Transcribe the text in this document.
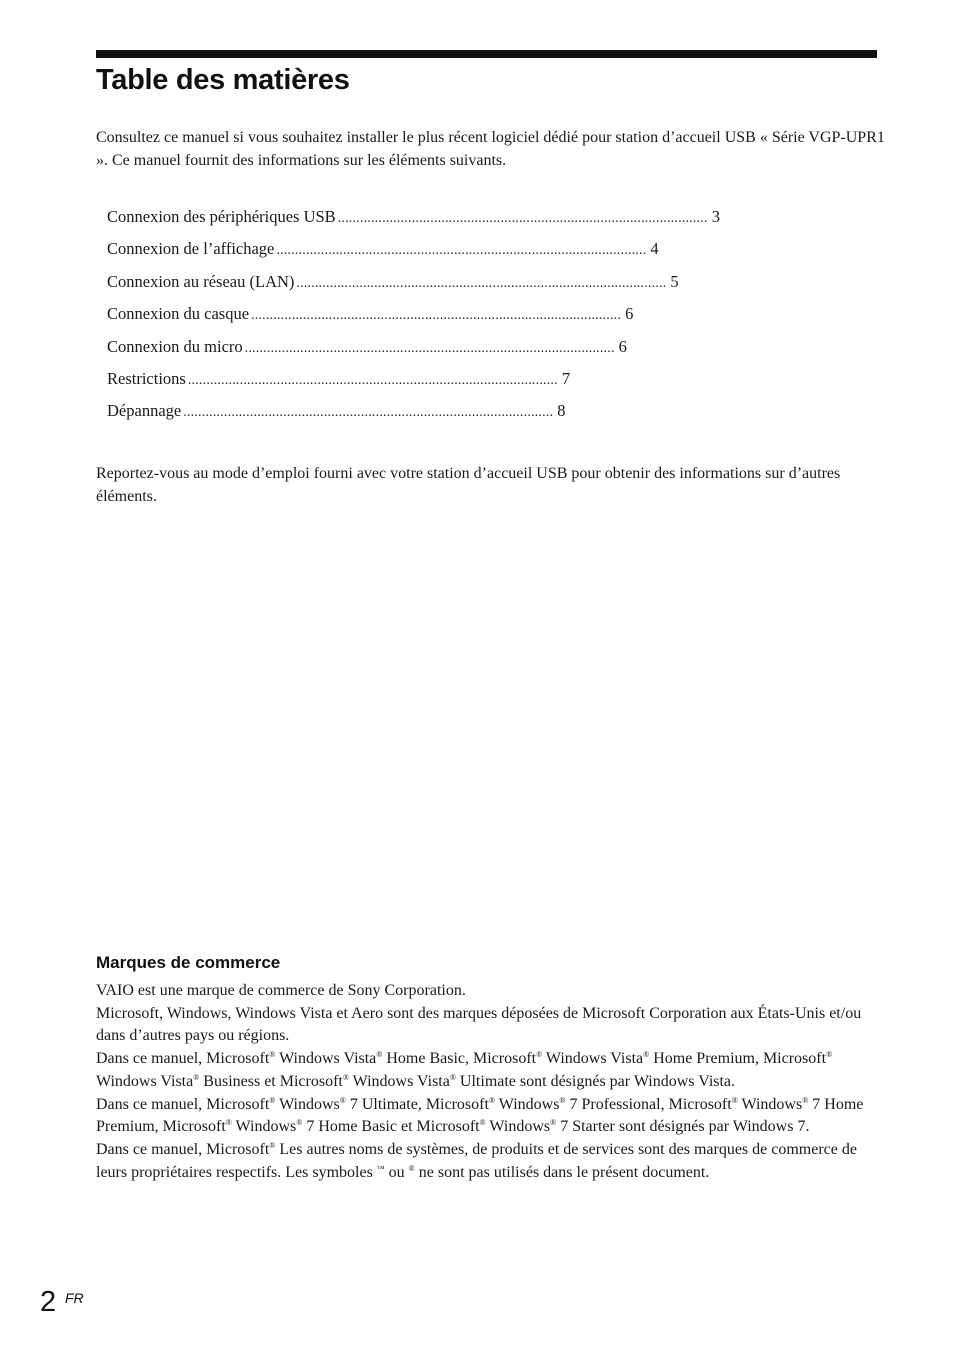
Table des matières

Consultez ce manuel si vous souhaitez installer le plus récent logiciel dédié pour station d’accueil USB « Série VGP-UPR1 ». Ce manuel fournit des informations sur les éléments suivants.

Connexion des périphériques USB .................................................................................................... 3
Connexion de l’affichage .................................................................................................... 4
Connexion au réseau (LAN) .................................................................................................... 5
Connexion du casque .................................................................................................... 6
Connexion du micro .................................................................................................... 6
Restrictions .................................................................................................... 7
Dépannage .................................................................................................... 8

Reportez-vous au mode d’emploi fourni avec votre station d’accueil USB pour obtenir des informations sur d’autres éléments.

Marques de commerce

VAIO est une marque de commerce de Sony Corporation.

Microsoft, Windows, Windows Vista et Aero sont des marques déposées de Microsoft Corporation aux États-Unis et/ou dans d’autres pays ou régions.

Dans ce manuel, Microsoft® Windows Vista® Home Basic, Microsoft® Windows Vista® Home Premium, Microsoft® Windows Vista® Business et Microsoft® Windows Vista® Ultimate sont désignés par Windows Vista.

Dans ce manuel, Microsoft® Windows® 7 Ultimate, Microsoft® Windows® 7 Professional, Microsoft® Windows® 7 Home Premium, Microsoft® Windows® 7 Home Basic et Microsoft® Windows® 7 Starter sont désignés par Windows 7.

Dans ce manuel, Microsoft® Les autres noms de systèmes, de produits et de services sont des marques de commerce de leurs propriétaires respectifs. Les symboles ™ ou ® ne sont pas utilisés dans le présent document.

2 FR
